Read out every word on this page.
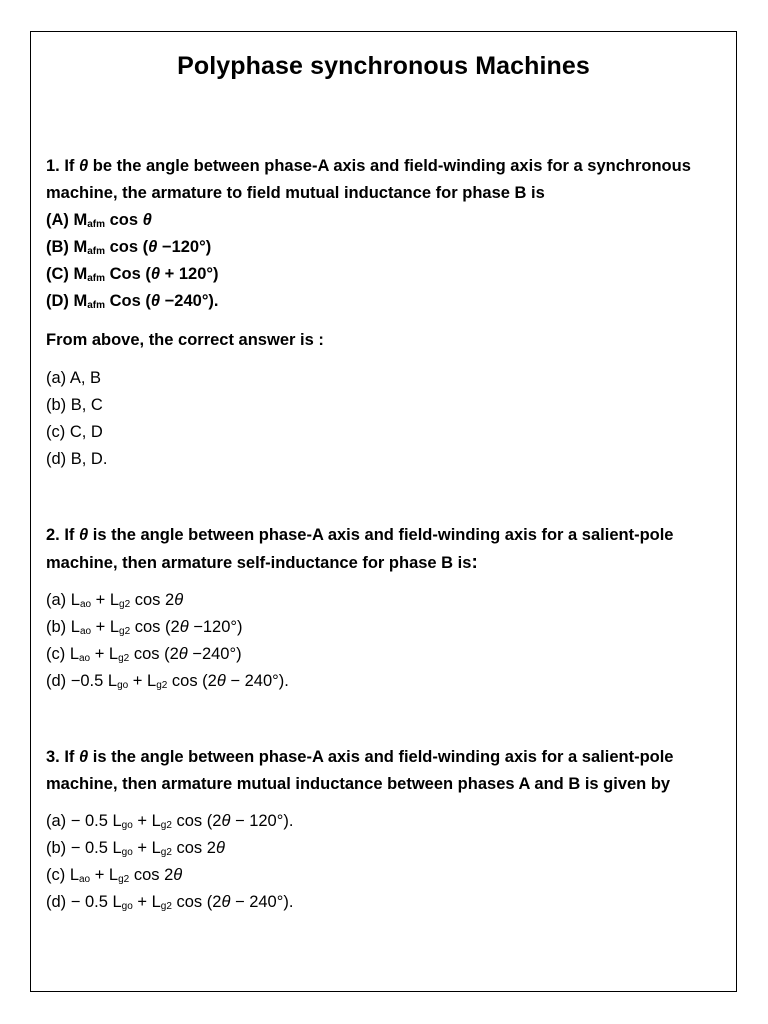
Polyphase synchronous Machines
1. If θ be the angle between phase-A axis and field-winding axis for a synchronous machine, the armature to field mutual inductance for phase B is
(A) $M_{afm}$ cos θ
(B) $M_{afm}$ cos (θ −120°)
(C) $M_{afm}$ Cos (θ + 120°)
(D) $M_{afm}$ Cos (θ −240°).
From above, the correct answer is :
(a) A, B
(b) B, C
(c) C, D
(d) B, D.
2. If θ is the angle between phase-A axis and field-winding axis for a salient-pole machine, then armature self-inductance for phase B is:
(a) $L_{ao} + L_{g2}$ cos 2θ
(b) $L_{ao} + L_{g2}$ cos (2θ −120°)
(c) $L_{ao} + L_{g2}$ cos (2θ −240°)
(d) −0.5 $L_{go} + L_{g2}$ cos (2θ − 240°).
3. If θ is the angle between phase-A axis and field-winding axis for a salient-pole machine, then armature mutual inductance between phases A and B is given by
(a) − 0.5 $L_{go} + L_{g2}$ cos (2θ − 120°).
(b) − 0.5 $L_{go} + L_{g2}$ cos 2θ
(c) $L_{ao} + L_{g2}$ cos 2θ
(d) − 0.5 $L_{go} + L_{g2}$ cos (2θ − 240°).
